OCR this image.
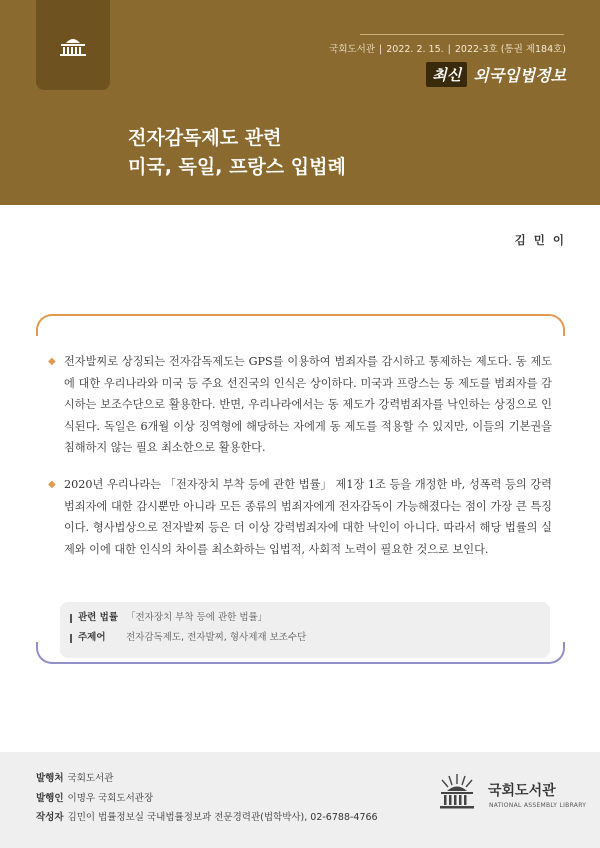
국회도서관 | 2022. 2. 15. | 2022-3호 (통권 제184호)
최신 외국입법정보
전자감독제도 관련
미국, 독일, 프랑스 입법례
김 민 이
◆ 전자발찌로 상징되는 전자감독제도는 GPS를 이용하여 범죄자를 감시하고 통제하는 제도다. 동 제도에 대한 우리나라와 미국 등 주요 선진국의 인식은 상이하다. 미국과 프랑스는 동 제도를 범죄자를 감시하는 보조수단으로 활용한다. 반면, 우리나라에서는 동 제도가 강력범죄자를 낙인하는 상징으로 인식된다. 독일은 6개월 이상 징역형에 해당하는 자에게 동 제도를 적용할 수 있지만, 이들의 기본권을 침해하지 않는 필요 최소한으로 활용한다.
◆ 2020년 우리나라는 「전자장치 부착 등에 관한 법률」 제1장 1조 등을 개정한 바, 성폭력 등의 강력 범죄자에 대한 감시뿐만 아니라 모든 종류의 범죄자에게 전자감독이 가능해졌다는 점이 가장 큰 특징이다. 형사법상으로 전자발찌 등은 더 이상 강력범죄자에 대한 낙인이 아니다. 따라서 해당 법률의 실제와 이에 대한 인식의 차이를 최소화하는 입법적, 사회적 노력이 필요한 것으로 보인다.
관련 법률 「전자장치 부착 등에 관한 법률」
주제어	전자감독제도, 전자발찌, 형사제재 보조수단
발행처 국회도서관
발행인 이명우 국회도서관장
작성자 김민이 법률정보실 국내법률정보과 전문경력관(법학박사), 02-6788-4766
국회도서관
NATIONAL ASSEMBLY LIBRARY
